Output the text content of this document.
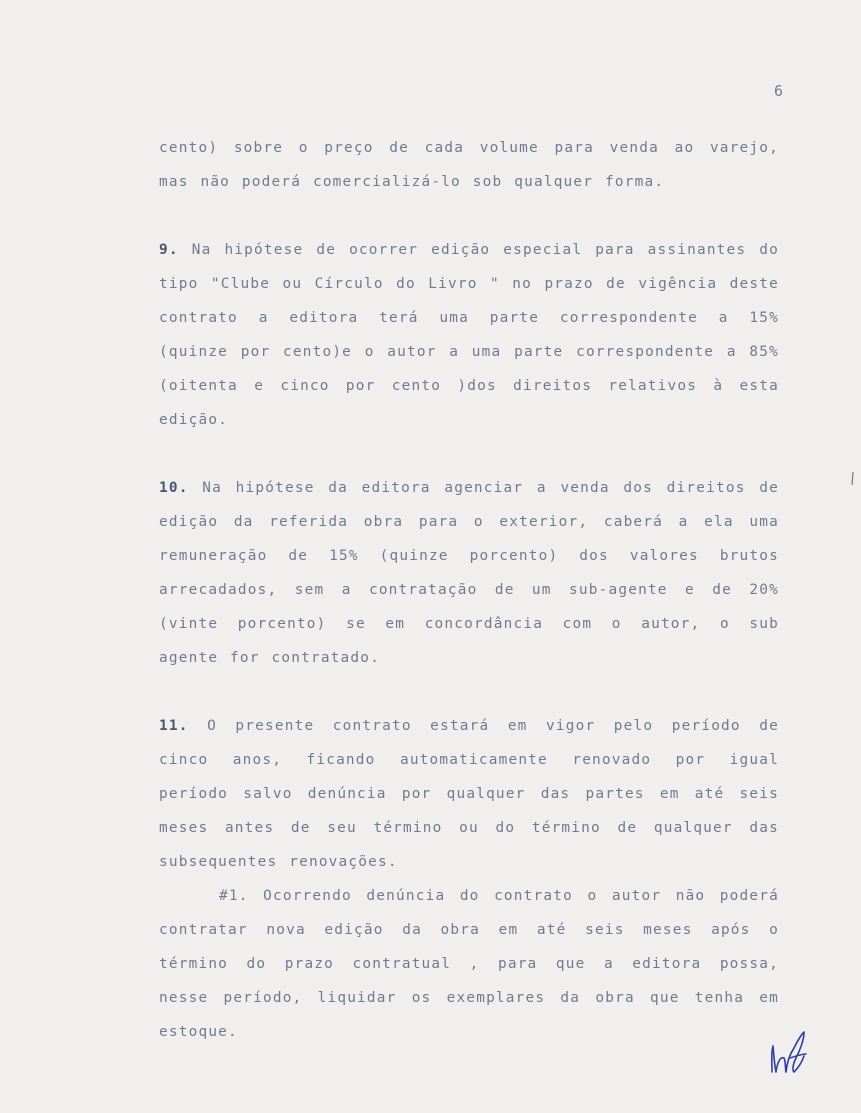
6
cento) sobre o preço de cada volume para venda ao varejo,
mas não poderá comercializá-lo sob qualquer forma.
9. Na hipótese de ocorrer edição especial para assinantes do
tipo "Clube ou Círculo do Livro " no prazo de vigência deste
contrato a editora terá uma parte correspondente a 15%
(quinze por cento)e o autor a uma parte correspondente a 85%
(oitenta e cinco por cento )dos direitos relativos à esta
edição.
10. Na hipótese da editora agenciar a venda dos direitos de
edição da referida obra para o exterior, caberá a ela uma
remuneração de 15% (quinze porcento) dos valores brutos
arrecadados, sem a contratação de um sub-agente e de 20%
(vinte porcento) se em concordância com o autor, o sub
agente for contratado.
11. O presente contrato estará em vigor pelo período de
cinco anos, ficando automaticamente renovado por igual
período salvo denúncia por qualquer das partes em até seis
meses antes de seu término ou do término de qualquer das
subsequentes renovações.
#1. Ocorrendo denúncia do contrato o autor não poderá
contratar nova edição da obra em até seis meses após o
término do prazo contratual , para que a editora possa,
nesse período, liquidar os exemplares da obra que tenha em
estoque.
